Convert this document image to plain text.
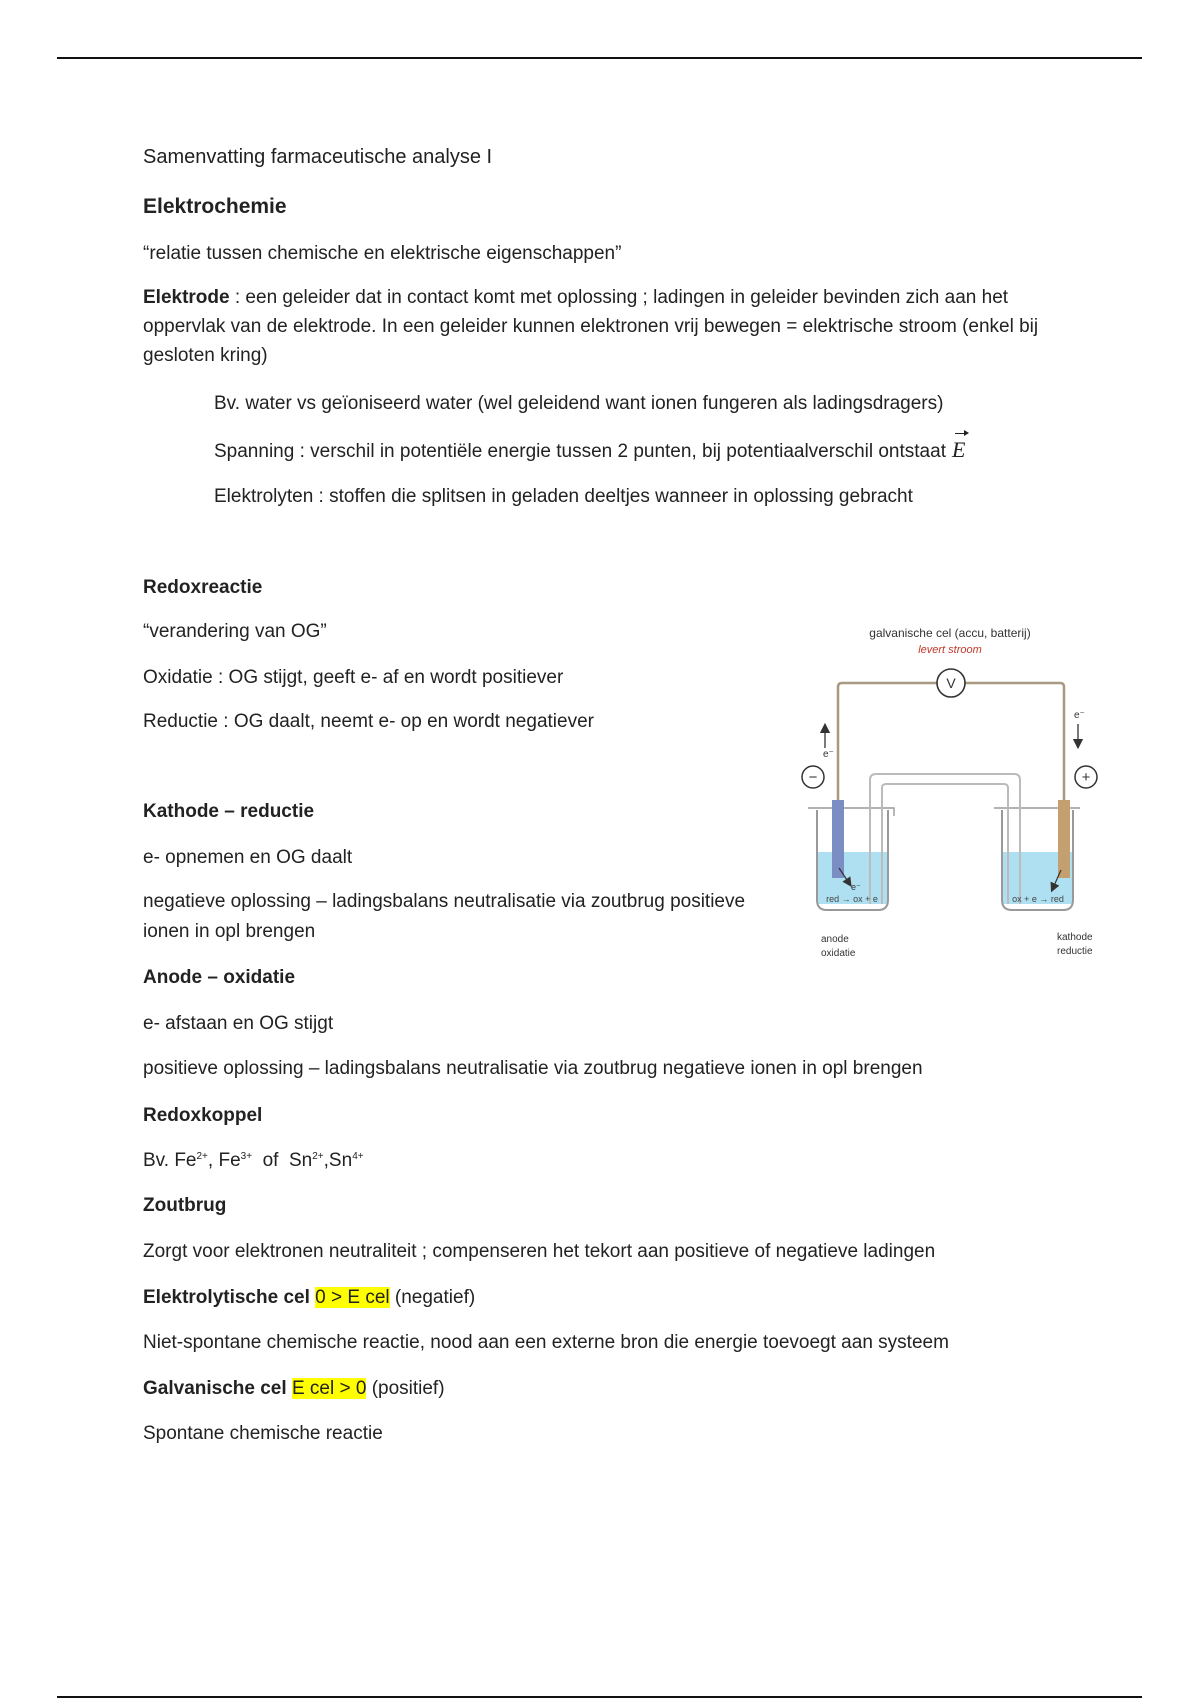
Samenvatting farmaceutische analyse I

Elektrochemie

“relatie tussen chemische en elektrische eigenschappen”

Elektrode : een geleider dat in contact komt met oplossing ; ladingen in geleider bevinden zich aan het oppervlak van de elektrode. In een geleider kunnen elektronen vrij bewegen = elektrische stroom (enkel bij gesloten kring)

Bv. water vs geïoniseerd water (wel geleidend want ionen fungeren als ladingsdragers)

Spanning : verschil in potentiële energie tussen 2 punten, bij potentiaalverschil ontstaat E

Elektrolyten : stoffen die splitsen in geladen deeltjes wanneer in oplossing gebracht

Redoxreactie

“verandering van OG”

Oxidatie : OG stijgt, geeft e- af en wordt positiever

Reductie : OG daalt, neemt e- op en wordt negatiever

Kathode – reductie

e- opnemen en OG daalt

negatieve oplossing – ladingsbalans neutralisatie via zoutbrug positieve

ionen in opl brengen

Anode – oxidatie

e- afstaan en OG stijgt

positieve oplossing – ladingsbalans neutralisatie via zoutbrug negatieve ionen in opl brengen

Redoxkoppel

Bv. $Fe^{2+}$, $Fe^{3+}$  of  $Sn^{2+},Sn^{4+}$

Zoutbrug

Zorgt voor elektronen neutraliteit ; compenseren het tekort aan positieve of negatieve ladingen

Elektrolytische cel 0 > E cel (negatief)

Niet-spontane chemische reactie, nood aan een externe bron die energie toevoegt aan systeem

Galvanische cel E cel > 0 (positief)

Spontane chemische reactie

galvanische cel (accu, batterij)
levert stroom
V
−	+
e⁻
e⁻
e⁻
red → ox + e	ox + e → red
anode
oxidatie
kathode
reductie
